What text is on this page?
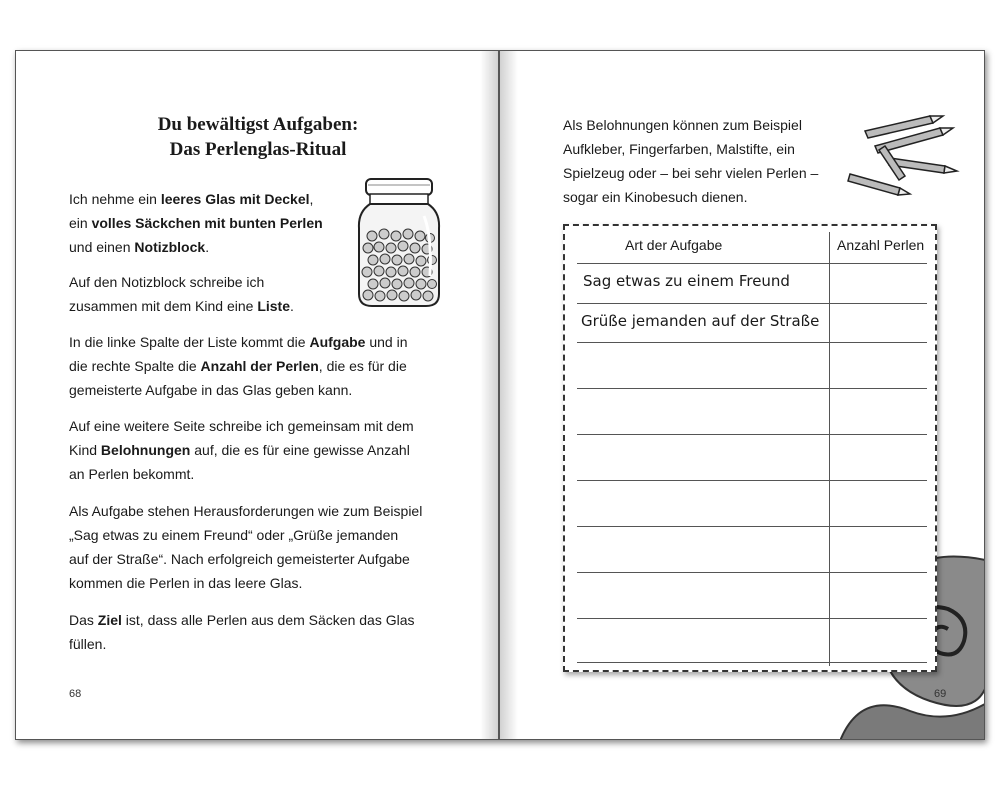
Du bewältigst Aufgaben:
Das Perlenglas-Ritual
Ich nehme ein leeres Glas mit Deckel,
ein volles Säckchen mit bunten Perlen
und einen Notizblock.
Auf den Notizblock schreibe ich
zusammen mit dem Kind eine Liste.
In die linke Spalte der Liste kommt die Aufgabe und in
die rechte Spalte die Anzahl der Perlen, die es für die
gemeisterte Aufgabe in das Glas geben kann.
Auf eine weitere Seite schreibe ich gemeinsam mit dem
Kind Belohnungen auf, die es für eine gewisse Anzahl
an Perlen bekommt.
Als Aufgabe stehen Herausforderungen wie zum Beispiel
„Sag etwas zu einem Freund“ oder „Grüße jemanden
auf der Straße“. Nach erfolgreich gemeisterter Aufgabe
kommen die Perlen in das leere Glas.
Das Ziel ist, dass alle Perlen aus dem Säcken das Glas
füllen.
68
Als Belohnungen können zum Beispiel
Aufkleber, Fingerfarben, Malstifte, ein
Spielzeug oder – bei sehr vielen Perlen –
sogar ein Kinobesuch dienen.
Art der Aufgabe	Anzahl Perlen
Sag etwas zu einem Freund
Grüße jemanden auf der Straße
69
